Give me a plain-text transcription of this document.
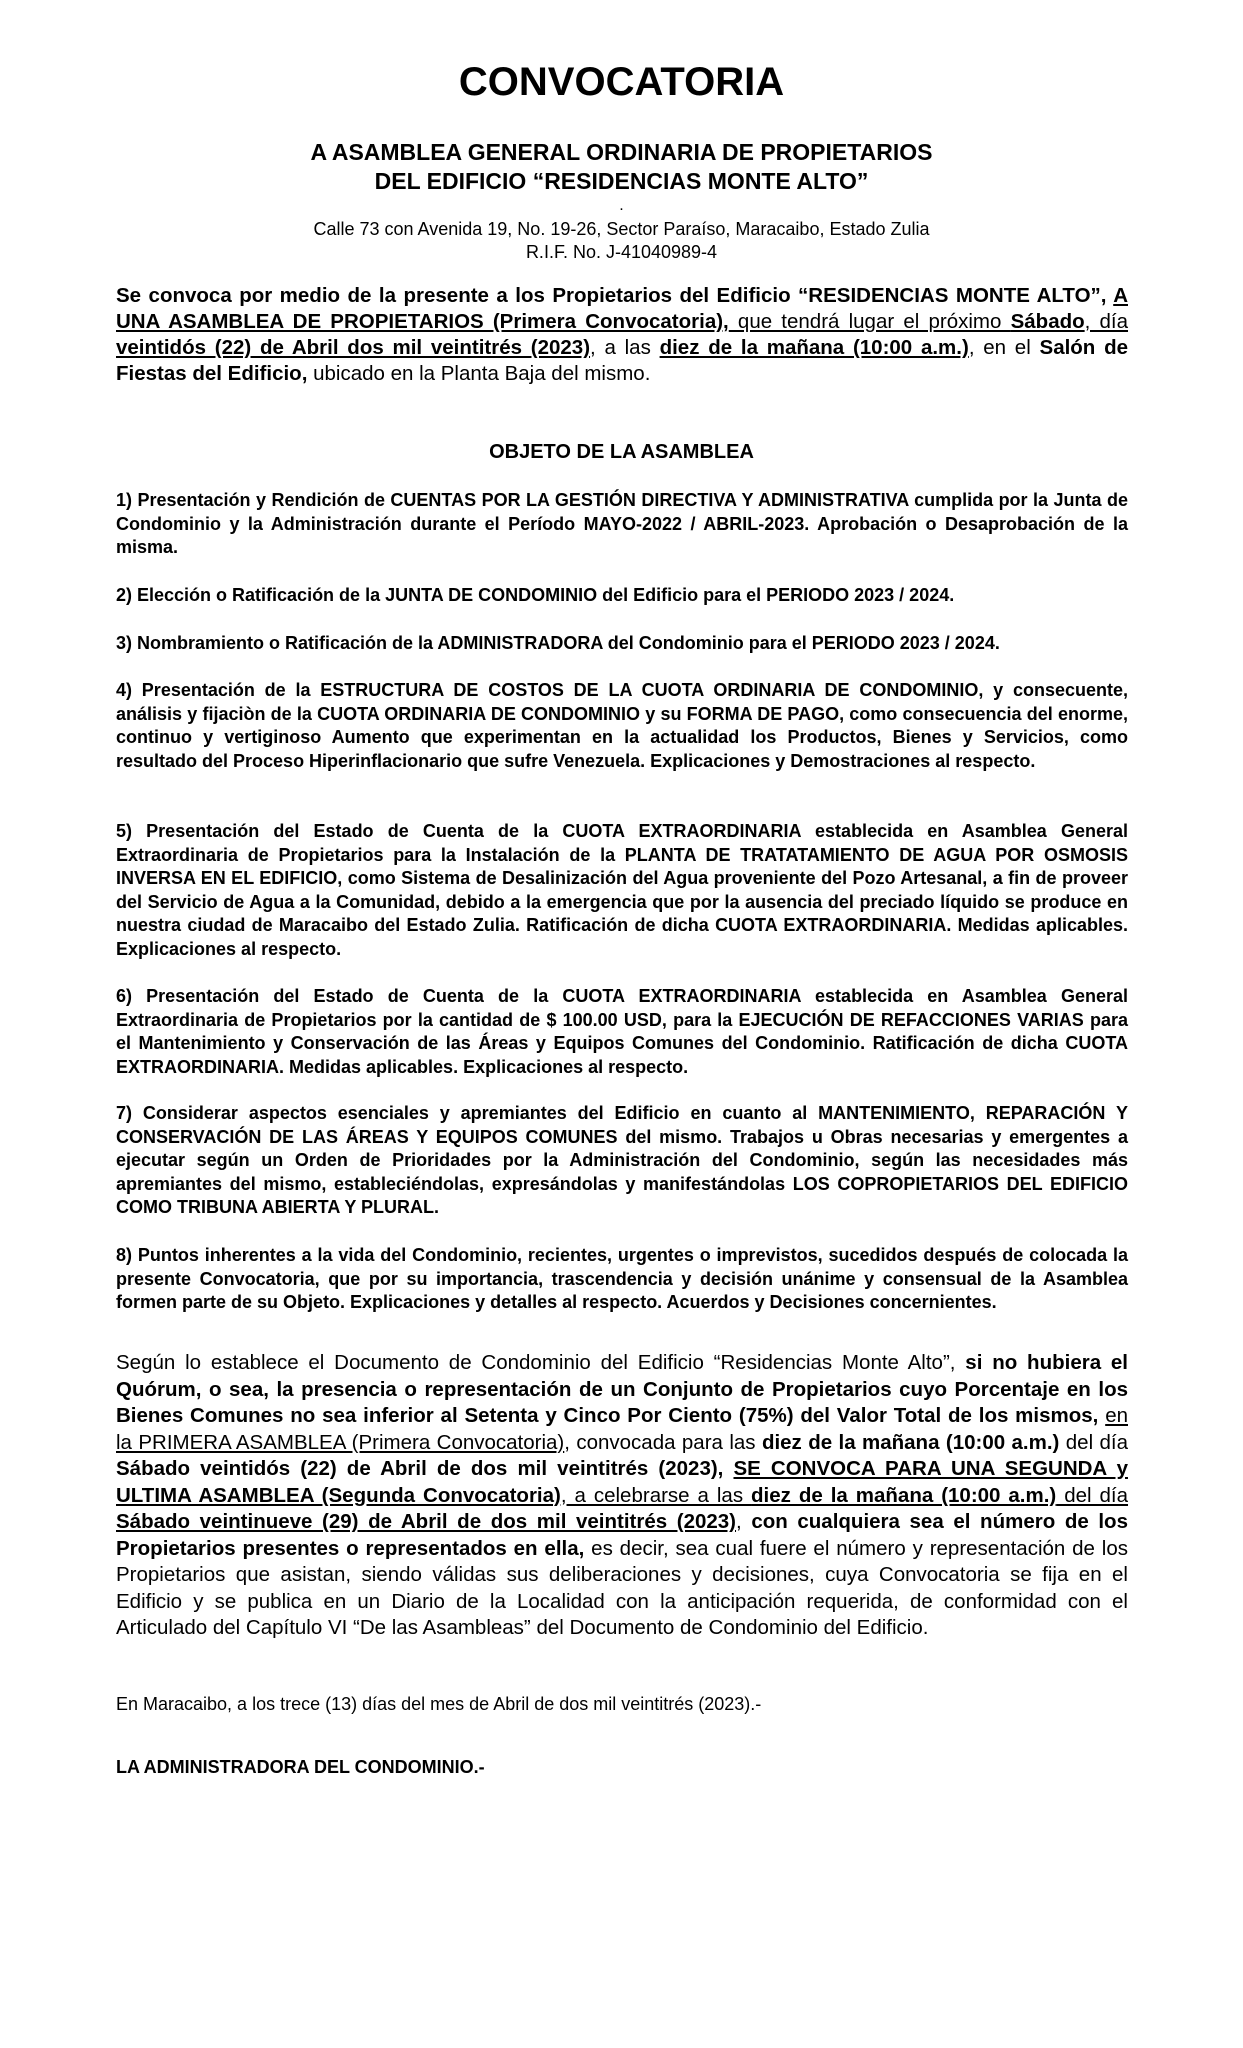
CONVOCATORIA
A ASAMBLEA GENERAL ORDINARIA DE PROPIETARIOS
DEL EDIFICIO “RESIDENCIAS MONTE ALTO”
.
Calle 73 con Avenida 19, No. 19-26, Sector Paraíso, Maracaibo, Estado Zulia
R.I.F. No. J-41040989-4

Se convoca por medio de la presente a los Propietarios del Edificio “RESIDENCIAS MONTE ALTO”, A UNA ASAMBLEA DE PROPIETARIOS (Primera Convocatoria), que tendrá lugar el próximo Sábado, día veintidós (22) de Abril dos mil veintitrés (2023), a las diez de la mañana (10:00 a.m.), en el Salón de Fiestas del Edificio, ubicado en la Planta Baja del mismo.

OBJETO DE LA ASAMBLEA

1) Presentación y Rendición de CUENTAS POR LA GESTIÓN DIRECTIVA Y ADMINISTRATIVA cumplida por la Junta de Condominio y la Administración durante el Período MAYO-2022 / ABRIL-2023. Aprobación o Desaprobación de la misma.

2) Elección o Ratificación de la JUNTA DE CONDOMINIO del Edificio para el PERIODO 2023 / 2024.

3) Nombramiento o Ratificación de la ADMINISTRADORA del Condominio para el PERIODO 2023 / 2024.

4) Presentación de la ESTRUCTURA DE COSTOS DE LA CUOTA ORDINARIA DE CONDOMINIO, y consecuente, análisis y fijaciòn de la CUOTA ORDINARIA DE CONDOMINIO y su FORMA DE PAGO, como consecuencia del enorme, continuo y vertiginoso Aumento que experimentan en la actualidad los Productos, Bienes y Servicios, como resultado del Proceso Hiperinflacionario que sufre Venezuela. Explicaciones y Demostraciones al respecto.

5) Presentación del Estado de Cuenta de la CUOTA EXTRAORDINARIA establecida en Asamblea General Extraordinaria de Propietarios para la Instalación de la PLANTA DE TRATATAMIENTO DE AGUA POR OSMOSIS INVERSA EN EL EDIFICIO, como Sistema de Desalinización del Agua proveniente del Pozo Artesanal, a fin de proveer del Servicio de Agua a la Comunidad, debido a la emergencia que por la ausencia del preciado líquido se produce en nuestra ciudad de Maracaibo del Estado Zulia. Ratificación de dicha CUOTA EXTRAORDINARIA. Medidas aplicables. Explicaciones al respecto.

6) Presentación del Estado de Cuenta de la CUOTA EXTRAORDINARIA establecida en Asamblea General Extraordinaria de Propietarios por la cantidad de $ 100.00 USD, para la EJECUCIÓN DE REFACCIONES VARIAS para el Mantenimiento y Conservación de las Áreas y Equipos Comunes del Condominio. Ratificación de dicha CUOTA EXTRAORDINARIA. Medidas aplicables. Explicaciones al respecto.

7) Considerar aspectos esenciales y apremiantes del Edificio en cuanto al MANTENIMIENTO, REPARACIÓN Y CONSERVACIÓN DE LAS ÁREAS Y EQUIPOS COMUNES del mismo. Trabajos u Obras necesarias y emergentes a ejecutar según un Orden de Prioridades por la Administración del Condominio, según las necesidades más apremiantes del mismo, estableciéndolas, expresándolas y manifestándolas LOS COPROPIETARIOS DEL EDIFICIO COMO TRIBUNA ABIERTA Y PLURAL.

8) Puntos inherentes a la vida del Condominio, recientes, urgentes o imprevistos, sucedidos después de colocada la presente Convocatoria, que por su importancia, trascendencia y decisión unánime y consensual de la Asamblea formen parte de su Objeto. Explicaciones y detalles al respecto. Acuerdos y Decisiones concernientes.

Según lo establece el Documento de Condominio del Edificio “Residencias Monte Alto”, si no hubiera el Quórum, o sea, la presencia o representación de un Conjunto de Propietarios cuyo Porcentaje en los Bienes Comunes no sea inferior al Setenta y Cinco Por Ciento (75%) del Valor Total de los mismos, en la PRIMERA ASAMBLEA (Primera Convocatoria), convocada para las diez de la mañana (10:00 a.m.) del día Sábado veintidós (22) de Abril de dos mil veintitrés (2023), SE CONVOCA PARA UNA SEGUNDA y ULTIMA ASAMBLEA (Segunda Convocatoria), a celebrarse a las diez de la mañana (10:00 a.m.) del día Sábado veintinueve (29) de Abril de dos mil veintitrés (2023), con cualquiera sea el número de los Propietarios presentes o representados en ella, es decir, sea cual fuere el número y representación de los Propietarios que asistan, siendo válidas sus deliberaciones y decisiones, cuya Convocatoria se fija en el Edificio y se publica en un Diario de la Localidad con la anticipación requerida, de conformidad con el Articulado del Capítulo VI “De las Asambleas” del Documento de Condominio del Edificio.

En Maracaibo, a los trece (13) días del mes de Abril de dos mil veintitrés (2023).-

LA ADMINISTRADORA DEL CONDOMINIO.-
